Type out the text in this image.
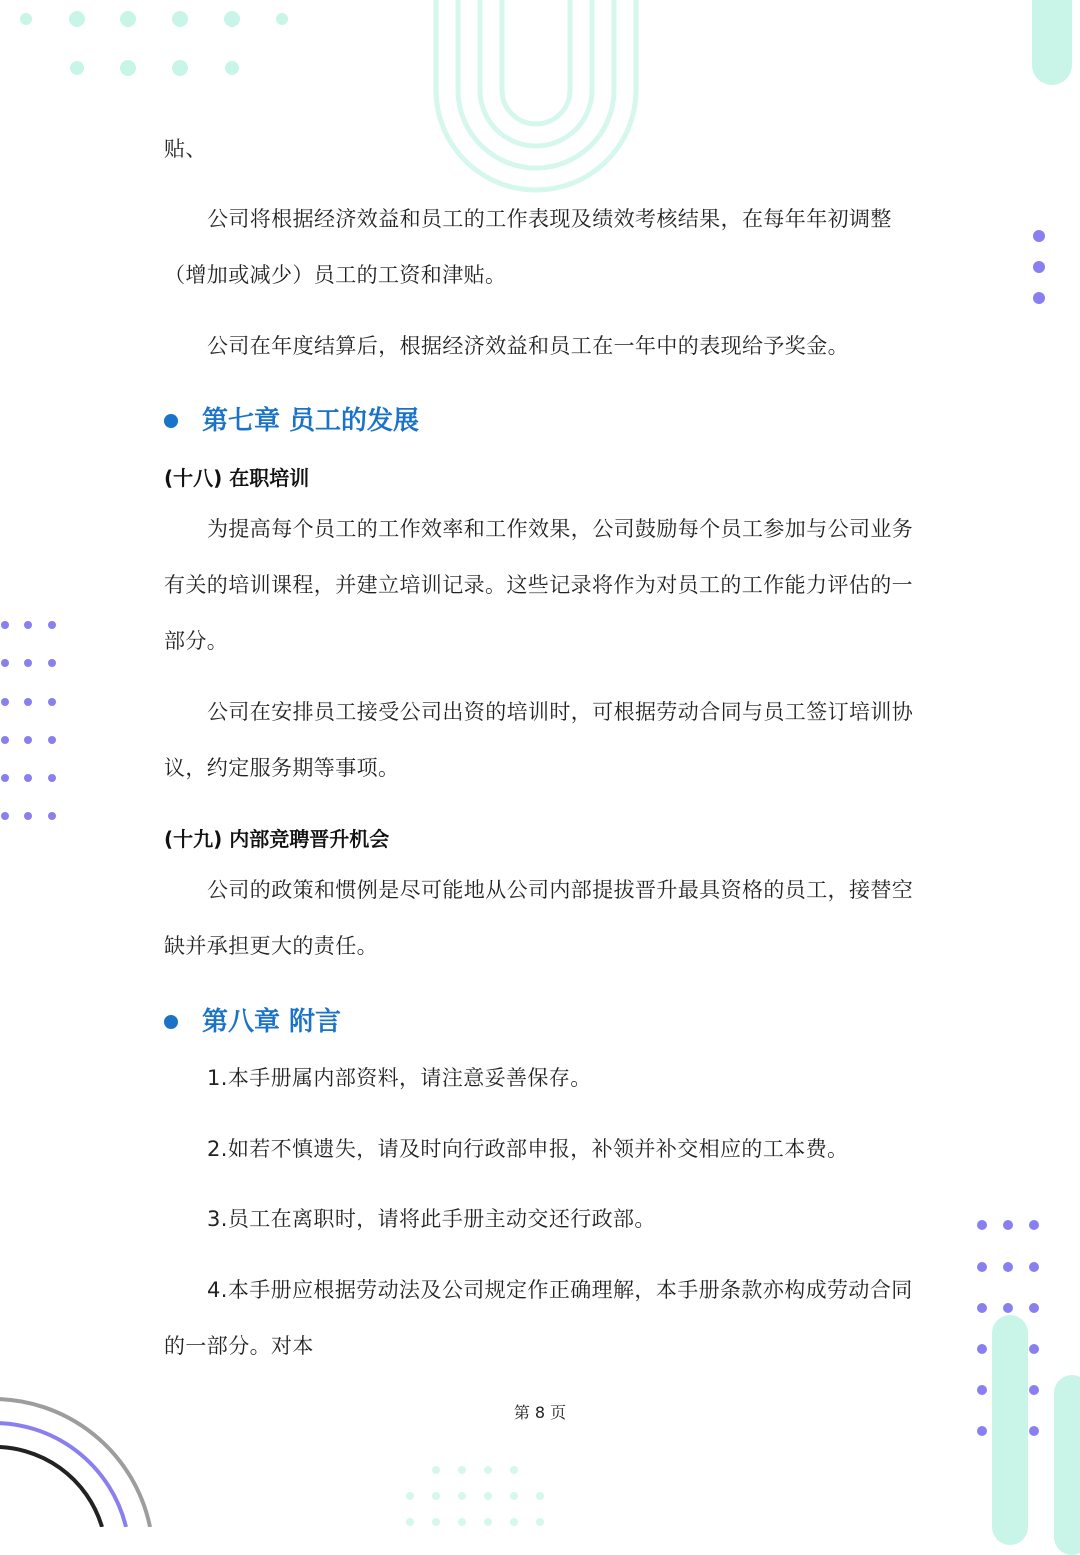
贴、
公司将根据经济效益和员工的工作表现及绩效考核结果，在每年年初调整
（增加或减少）员工的工资和津贴。
公司在年度结算后，根据经济效益和员工在一年中的表现给予奖金。
第七章 员工的发展
(十八) 在职培训
为提高每个员工的工作效率和工作效果，公司鼓励每个员工参加与公司业务
有关的培训课程，并建立培训记录。这些记录将作为对员工的工作能力评估的一
部分。
公司在安排员工接受公司出资的培训时，可根据劳动合同与员工签订培训协
议，约定服务期等事项。
(十九) 内部竞聘晋升机会
公司的政策和惯例是尽可能地从公司内部提拔晋升最具资格的员工，接替空
缺并承担更大的责任。
第八章 附言
1.本手册属内部资料，请注意妥善保存。
2.如若不慎遗失，请及时向行政部申报，补领并补交相应的工本费。
3.员工在离职时，请将此手册主动交还行政部。
4.本手册应根据劳动法及公司规定作正确理解，本手册条款亦构成劳动合同
的一部分。对本
第 8 页
